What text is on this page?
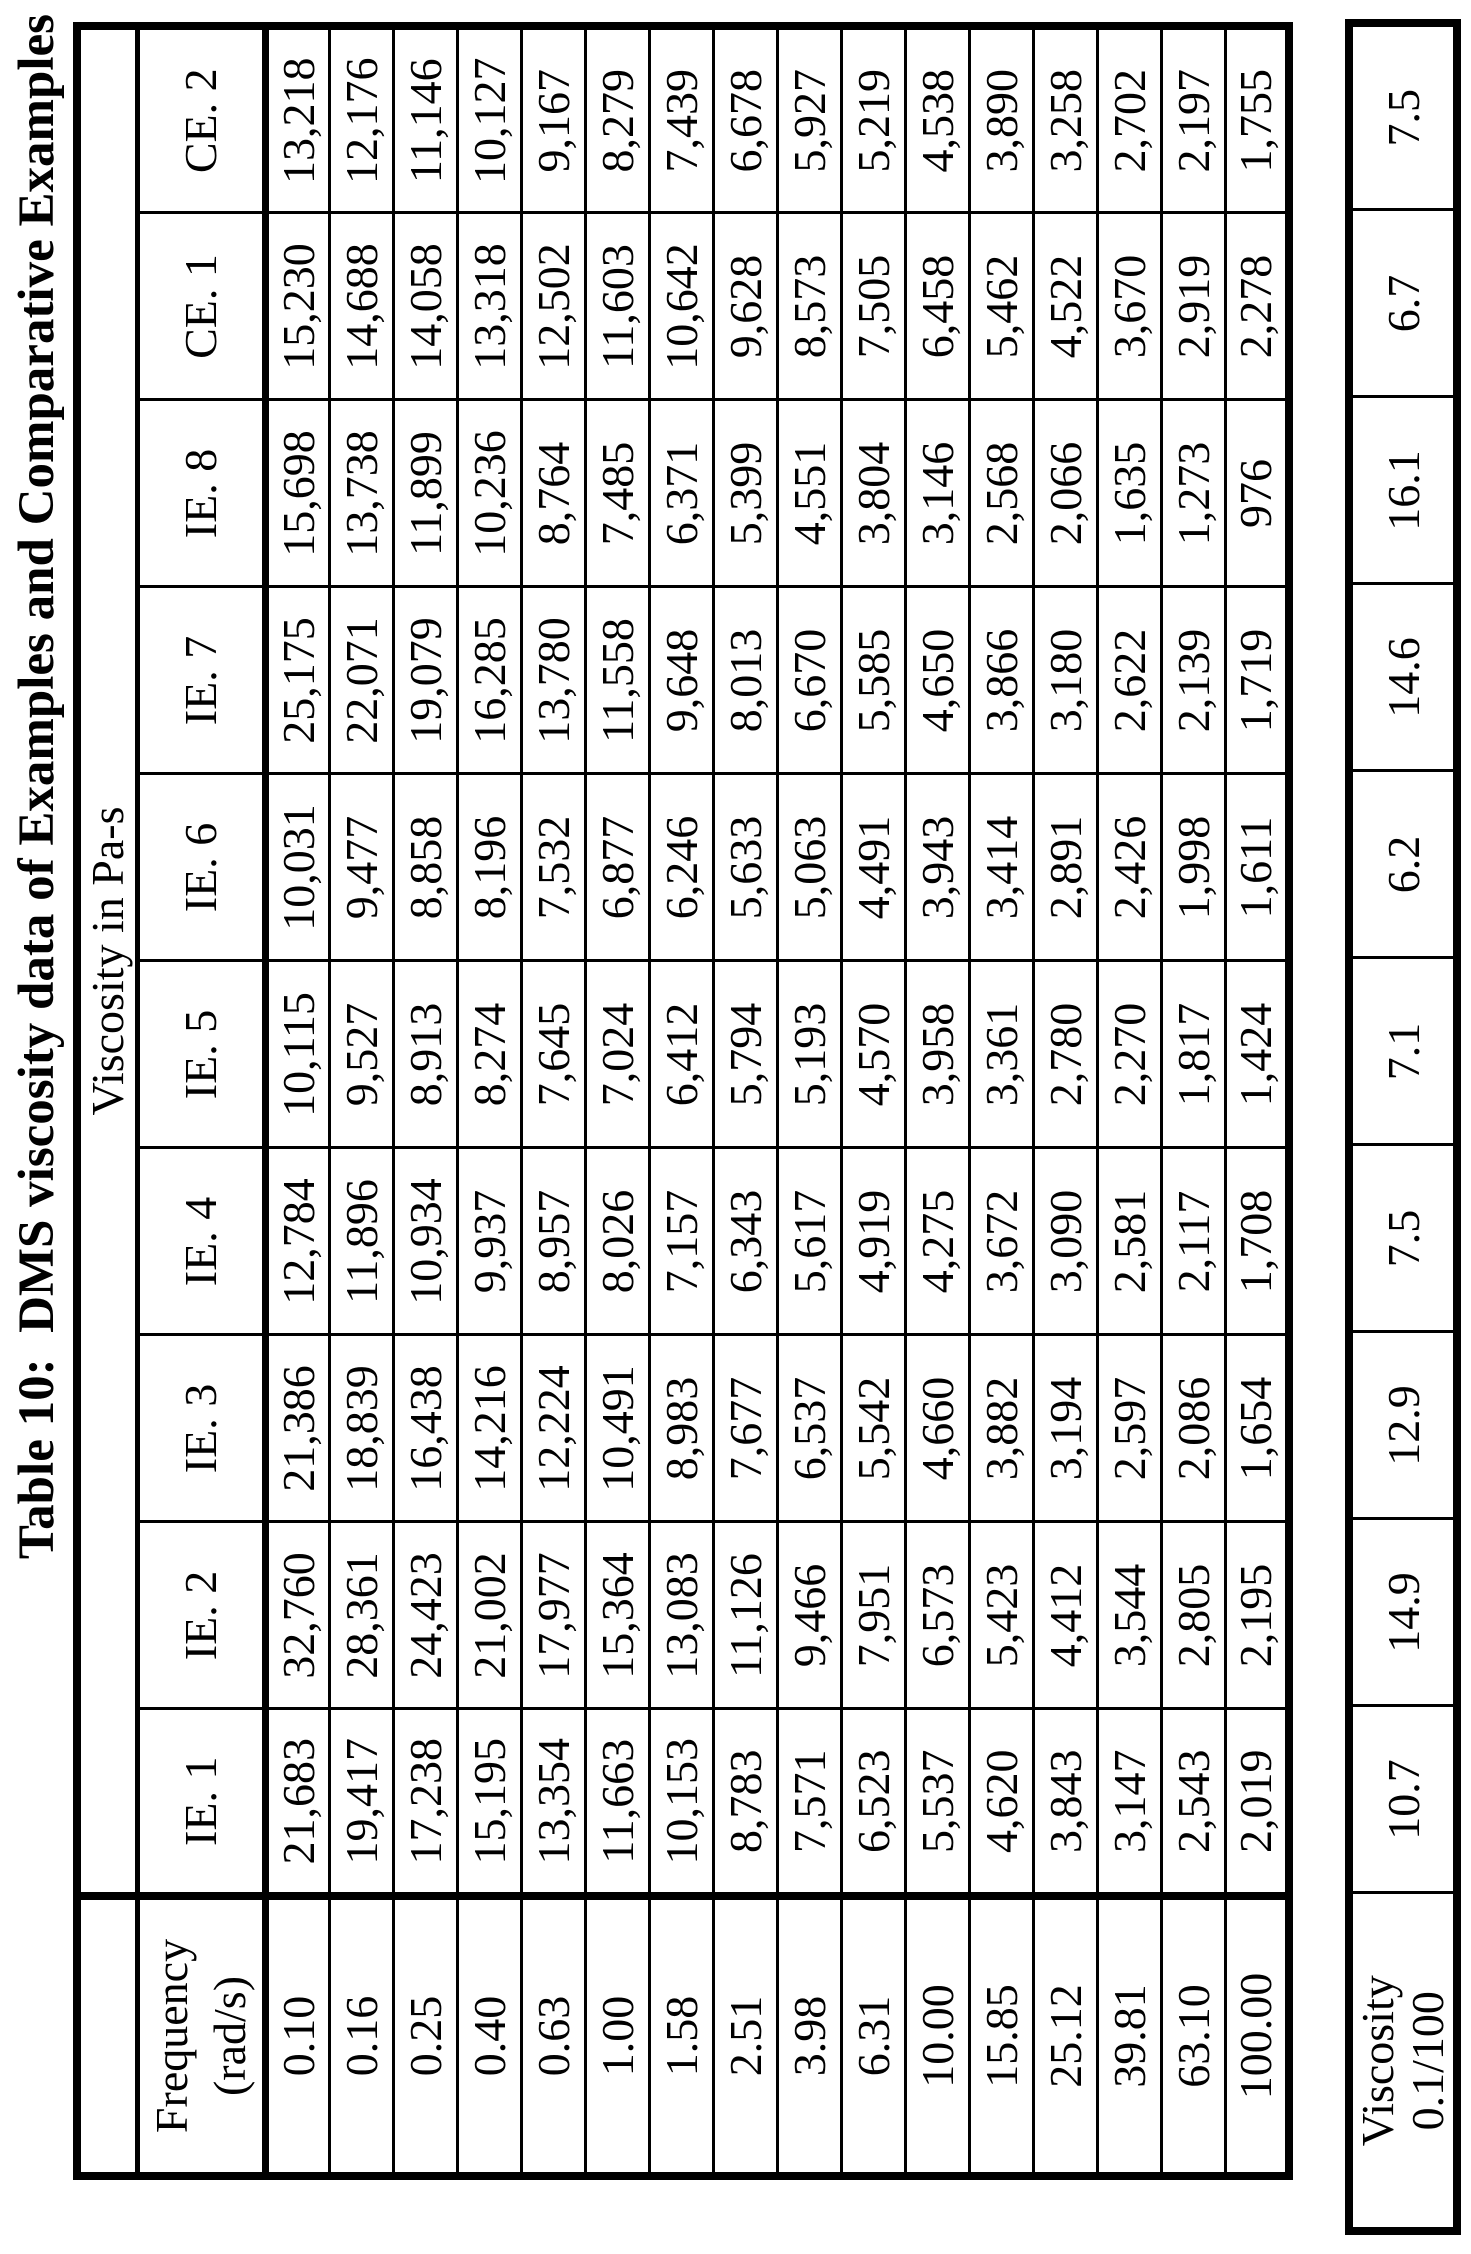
Table 10:  DMS viscosity data of Examples and Comparative Examples
	Viscosity in Pa-s									
Frequency (rad/s)	IE. 1	IE. 2	IE. 3	IE. 4	IE. 5	IE. 6	IE. 7	IE. 8	CE. 1	CE. 2
0.10	21,683	32,760	21,386	12,784	10,115	10,031	25,175	15,698	15,230	13,218
0.16	19,417	28,361	18,839	11,896	9,527	9,477	22,071	13,738	14,688	12,176
0.25	17,238	24,423	16,438	10,934	8,913	8,858	19,079	11,899	14,058	11,146
0.40	15,195	21,002	14,216	9,937	8,274	8,196	16,285	10,236	13,318	10,127
0.63	13,354	17,977	12,224	8,957	7,645	7,532	13,780	8,764	12,502	9,167
1.00	11,663	15,364	10,491	8,026	7,024	6,877	11,558	7,485	11,603	8,279
1.58	10,153	13,083	8,983	7,157	6,412	6,246	9,648	6,371	10,642	7,439
2.51	8,783	11,126	7,677	6,343	5,794	5,633	8,013	5,399	9,628	6,678
3.98	7,571	9,466	6,537	5,617	5,193	5,063	6,670	4,551	8,573	5,927
6.31	6,523	7,951	5,542	4,919	4,570	4,491	5,585	3,804	7,505	5,219
10.00	5,537	6,573	4,660	4,275	3,958	3,943	4,650	3,146	6,458	4,538
15.85	4,620	5,423	3,882	3,672	3,361	3,414	3,866	2,568	5,462	3,890
25.12	3,843	4,412	3,194	3,090	2,780	2,891	3,180	2,066	4,522	3,258
39.81	3,147	3,544	2,597	2,581	2,270	2,426	2,622	1,635	3,670	2,702
63.10	2,543	2,805	2,086	2,117	1,817	1,998	2,139	1,273	2,919	2,197
100.00	2,019	2,195	1,654	1,708	1,424	1,611	1,719	976	2,278	1,755
Viscosity
0.1/100	10.7	14.9	12.9	7.5	7.1	6.2	14.6	16.1	6.7	7.5
